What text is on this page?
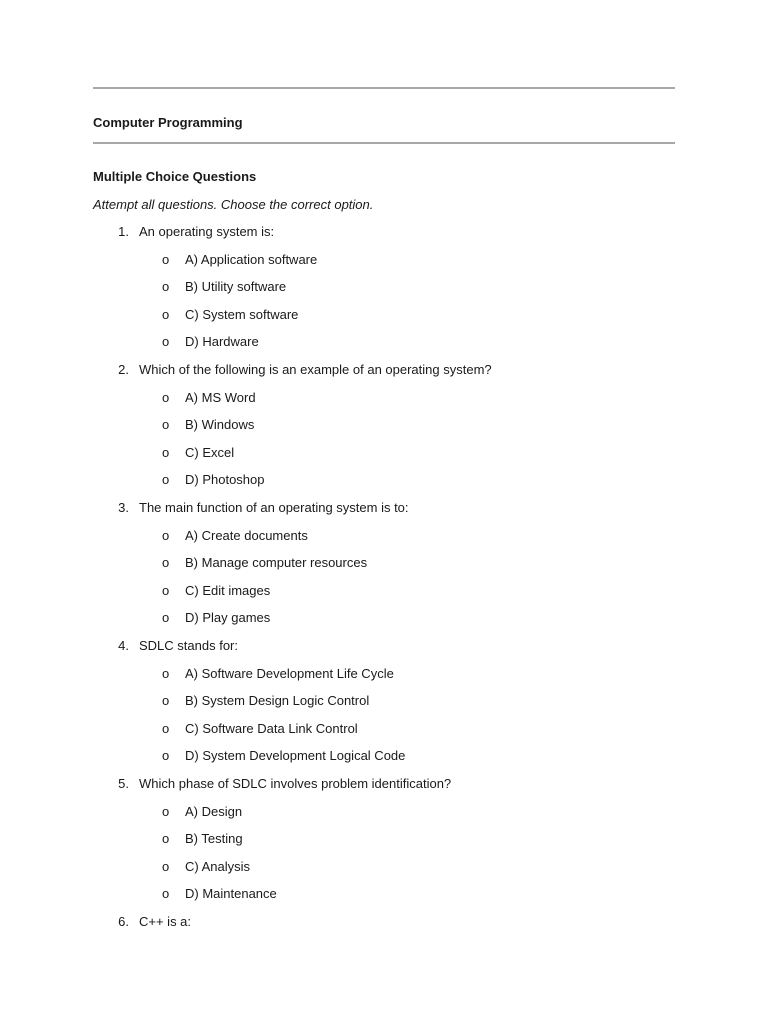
Computer Programming
Multiple Choice Questions
Attempt all questions. Choose the correct option.
1. An operating system is:
o A) Application software
o B) Utility software
o C) System software
o D) Hardware
2. Which of the following is an example of an operating system?
o A) MS Word
o B) Windows
o C) Excel
o D) Photoshop
3. The main function of an operating system is to:
o A) Create documents
o B) Manage computer resources
o C) Edit images
o D) Play games
4. SDLC stands for:
o A) Software Development Life Cycle
o B) System Design Logic Control
o C) Software Data Link Control
o D) System Development Logical Code
5. Which phase of SDLC involves problem identification?
o A) Design
o B) Testing
o C) Analysis
o D) Maintenance
6. C++ is a:
